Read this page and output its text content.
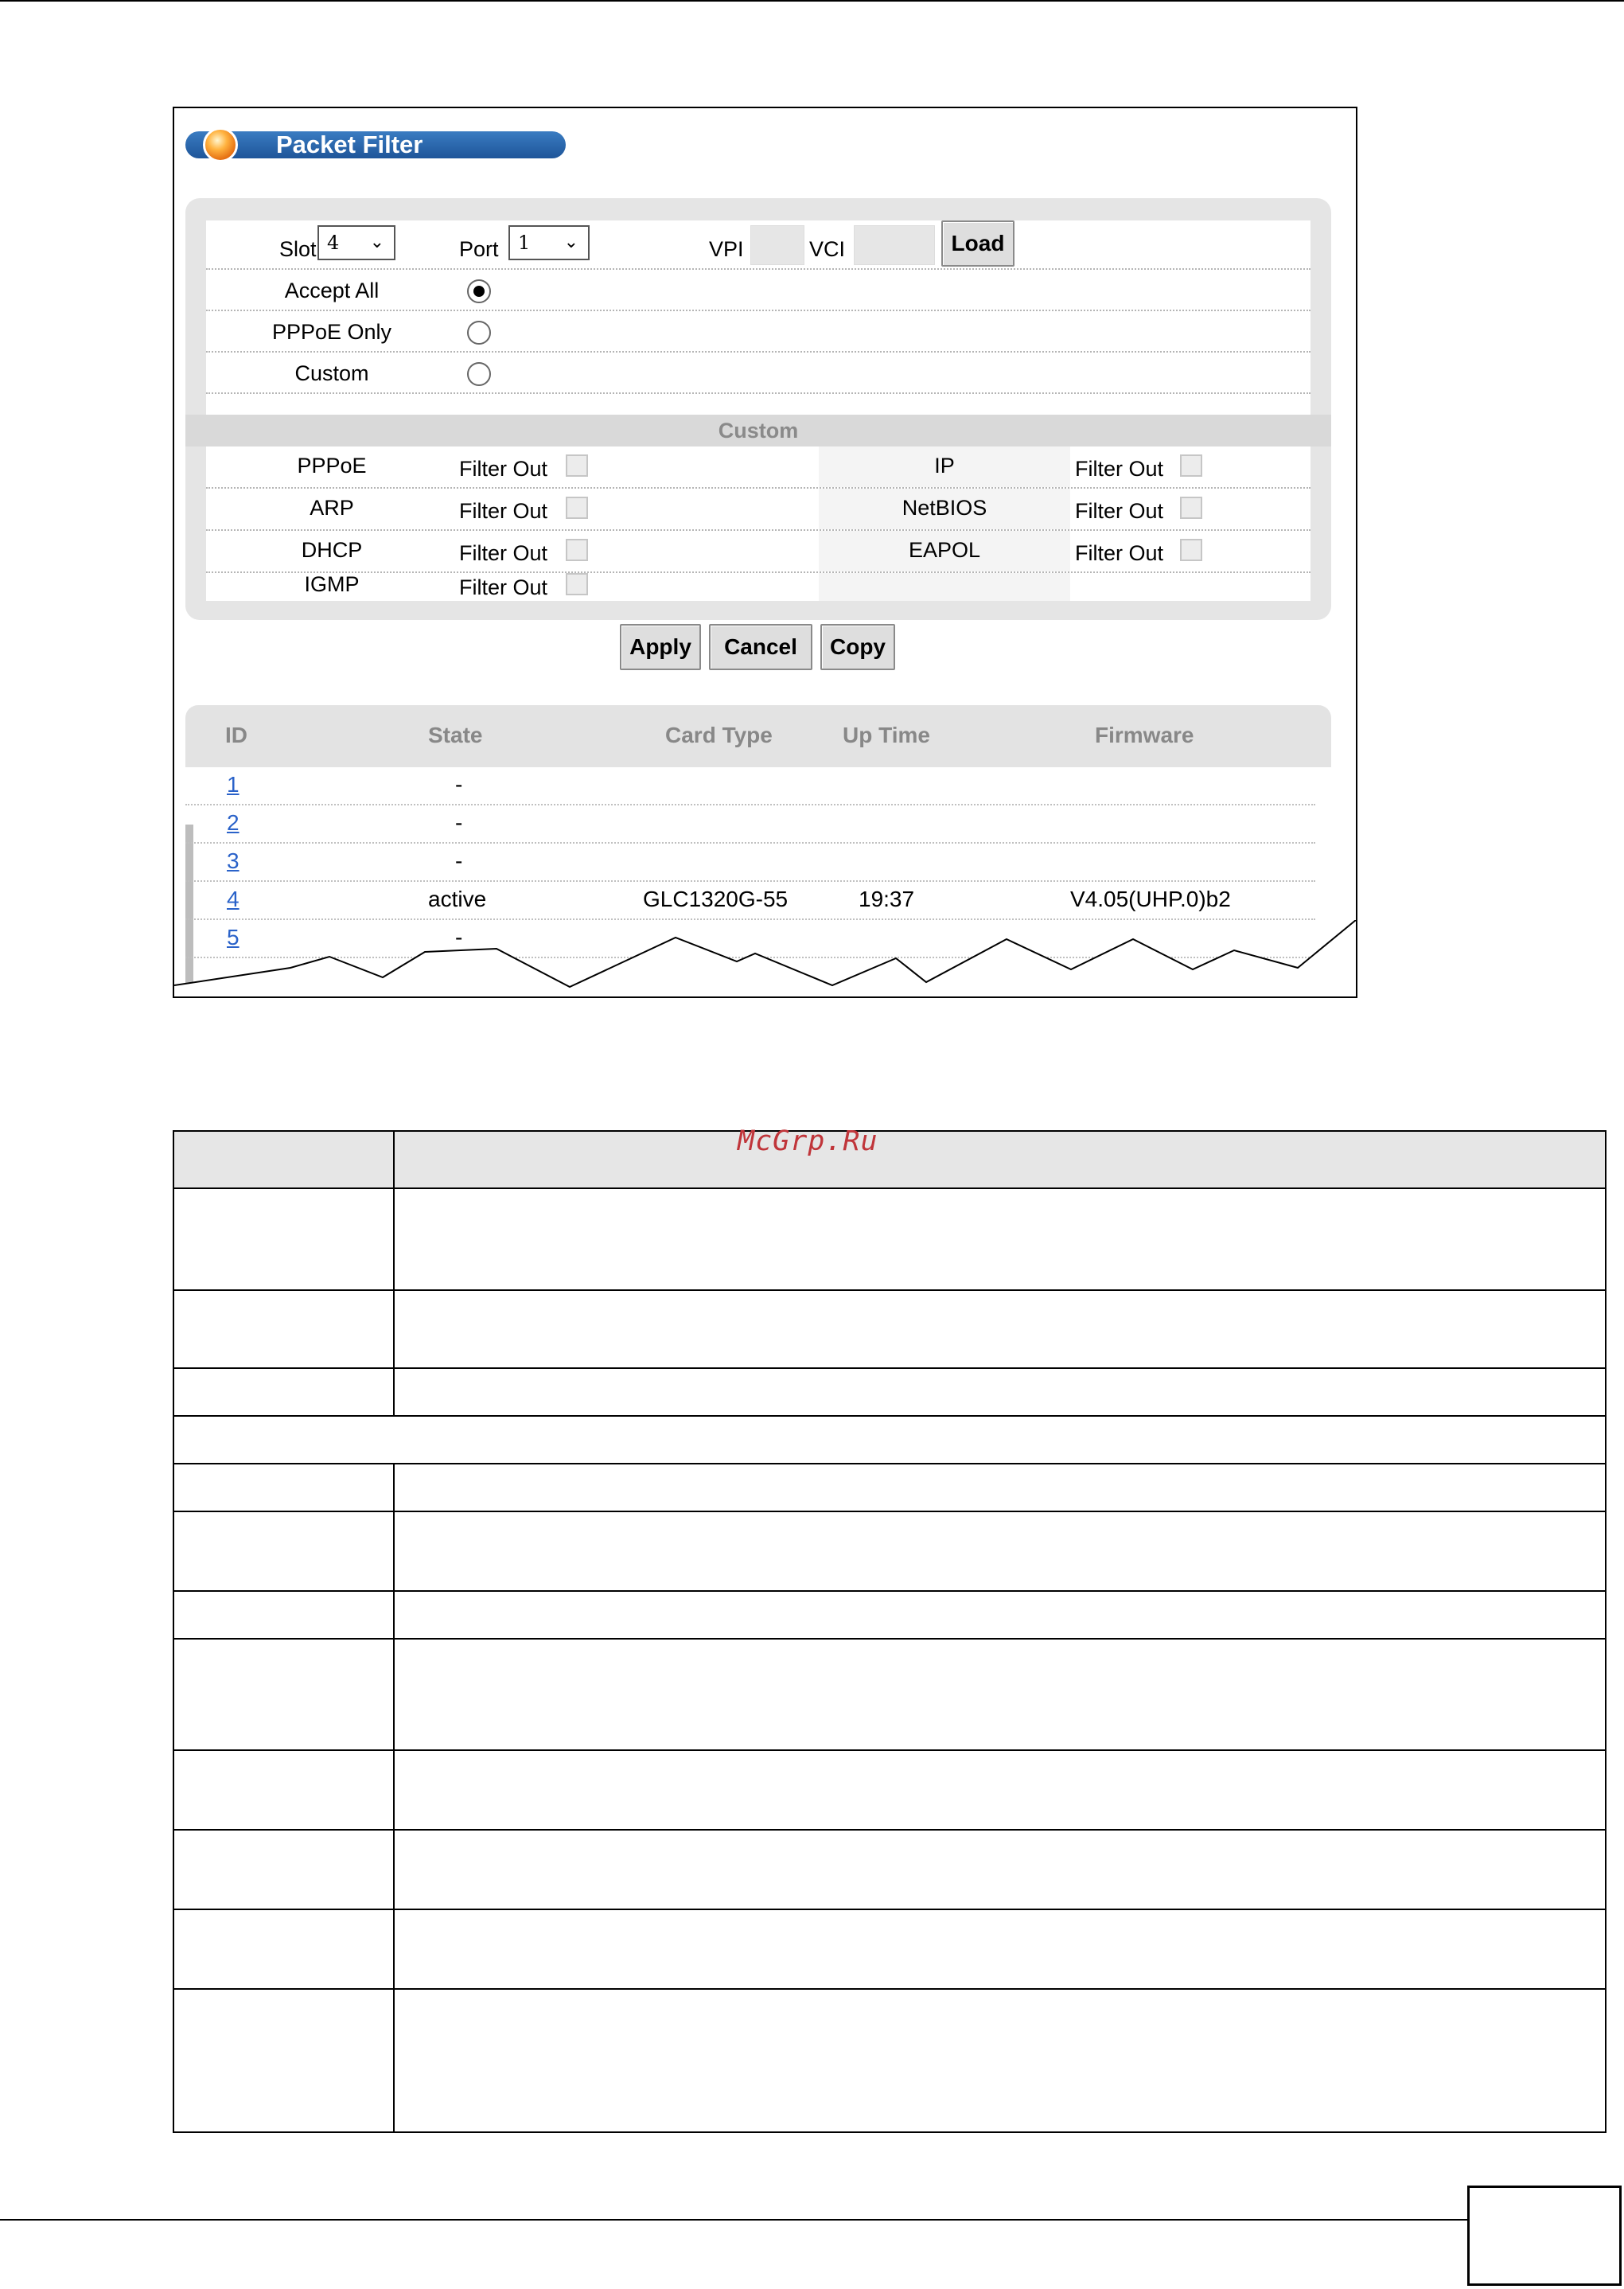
Packet Filter
Slot 4 ⌄	Port	1 ⌄	VPI	VCI	Load
Accept All
PPPoE Only
Custom
Custom
PPPoE	Filter Out	IP	Filter Out
ARP	Filter Out	NetBIOS	Filter Out
DHCP	Filter Out	EAPOL	Filter Out
IGMP	Filter Out
Apply	Cancel	Copy
ID	State	Card Type	Up Time	Firmware
1	-
2	-
3	-
4	active	GLC1320G-55	19:37	V4.05(UHP.0)b2
5	-

McGrp.Ru
